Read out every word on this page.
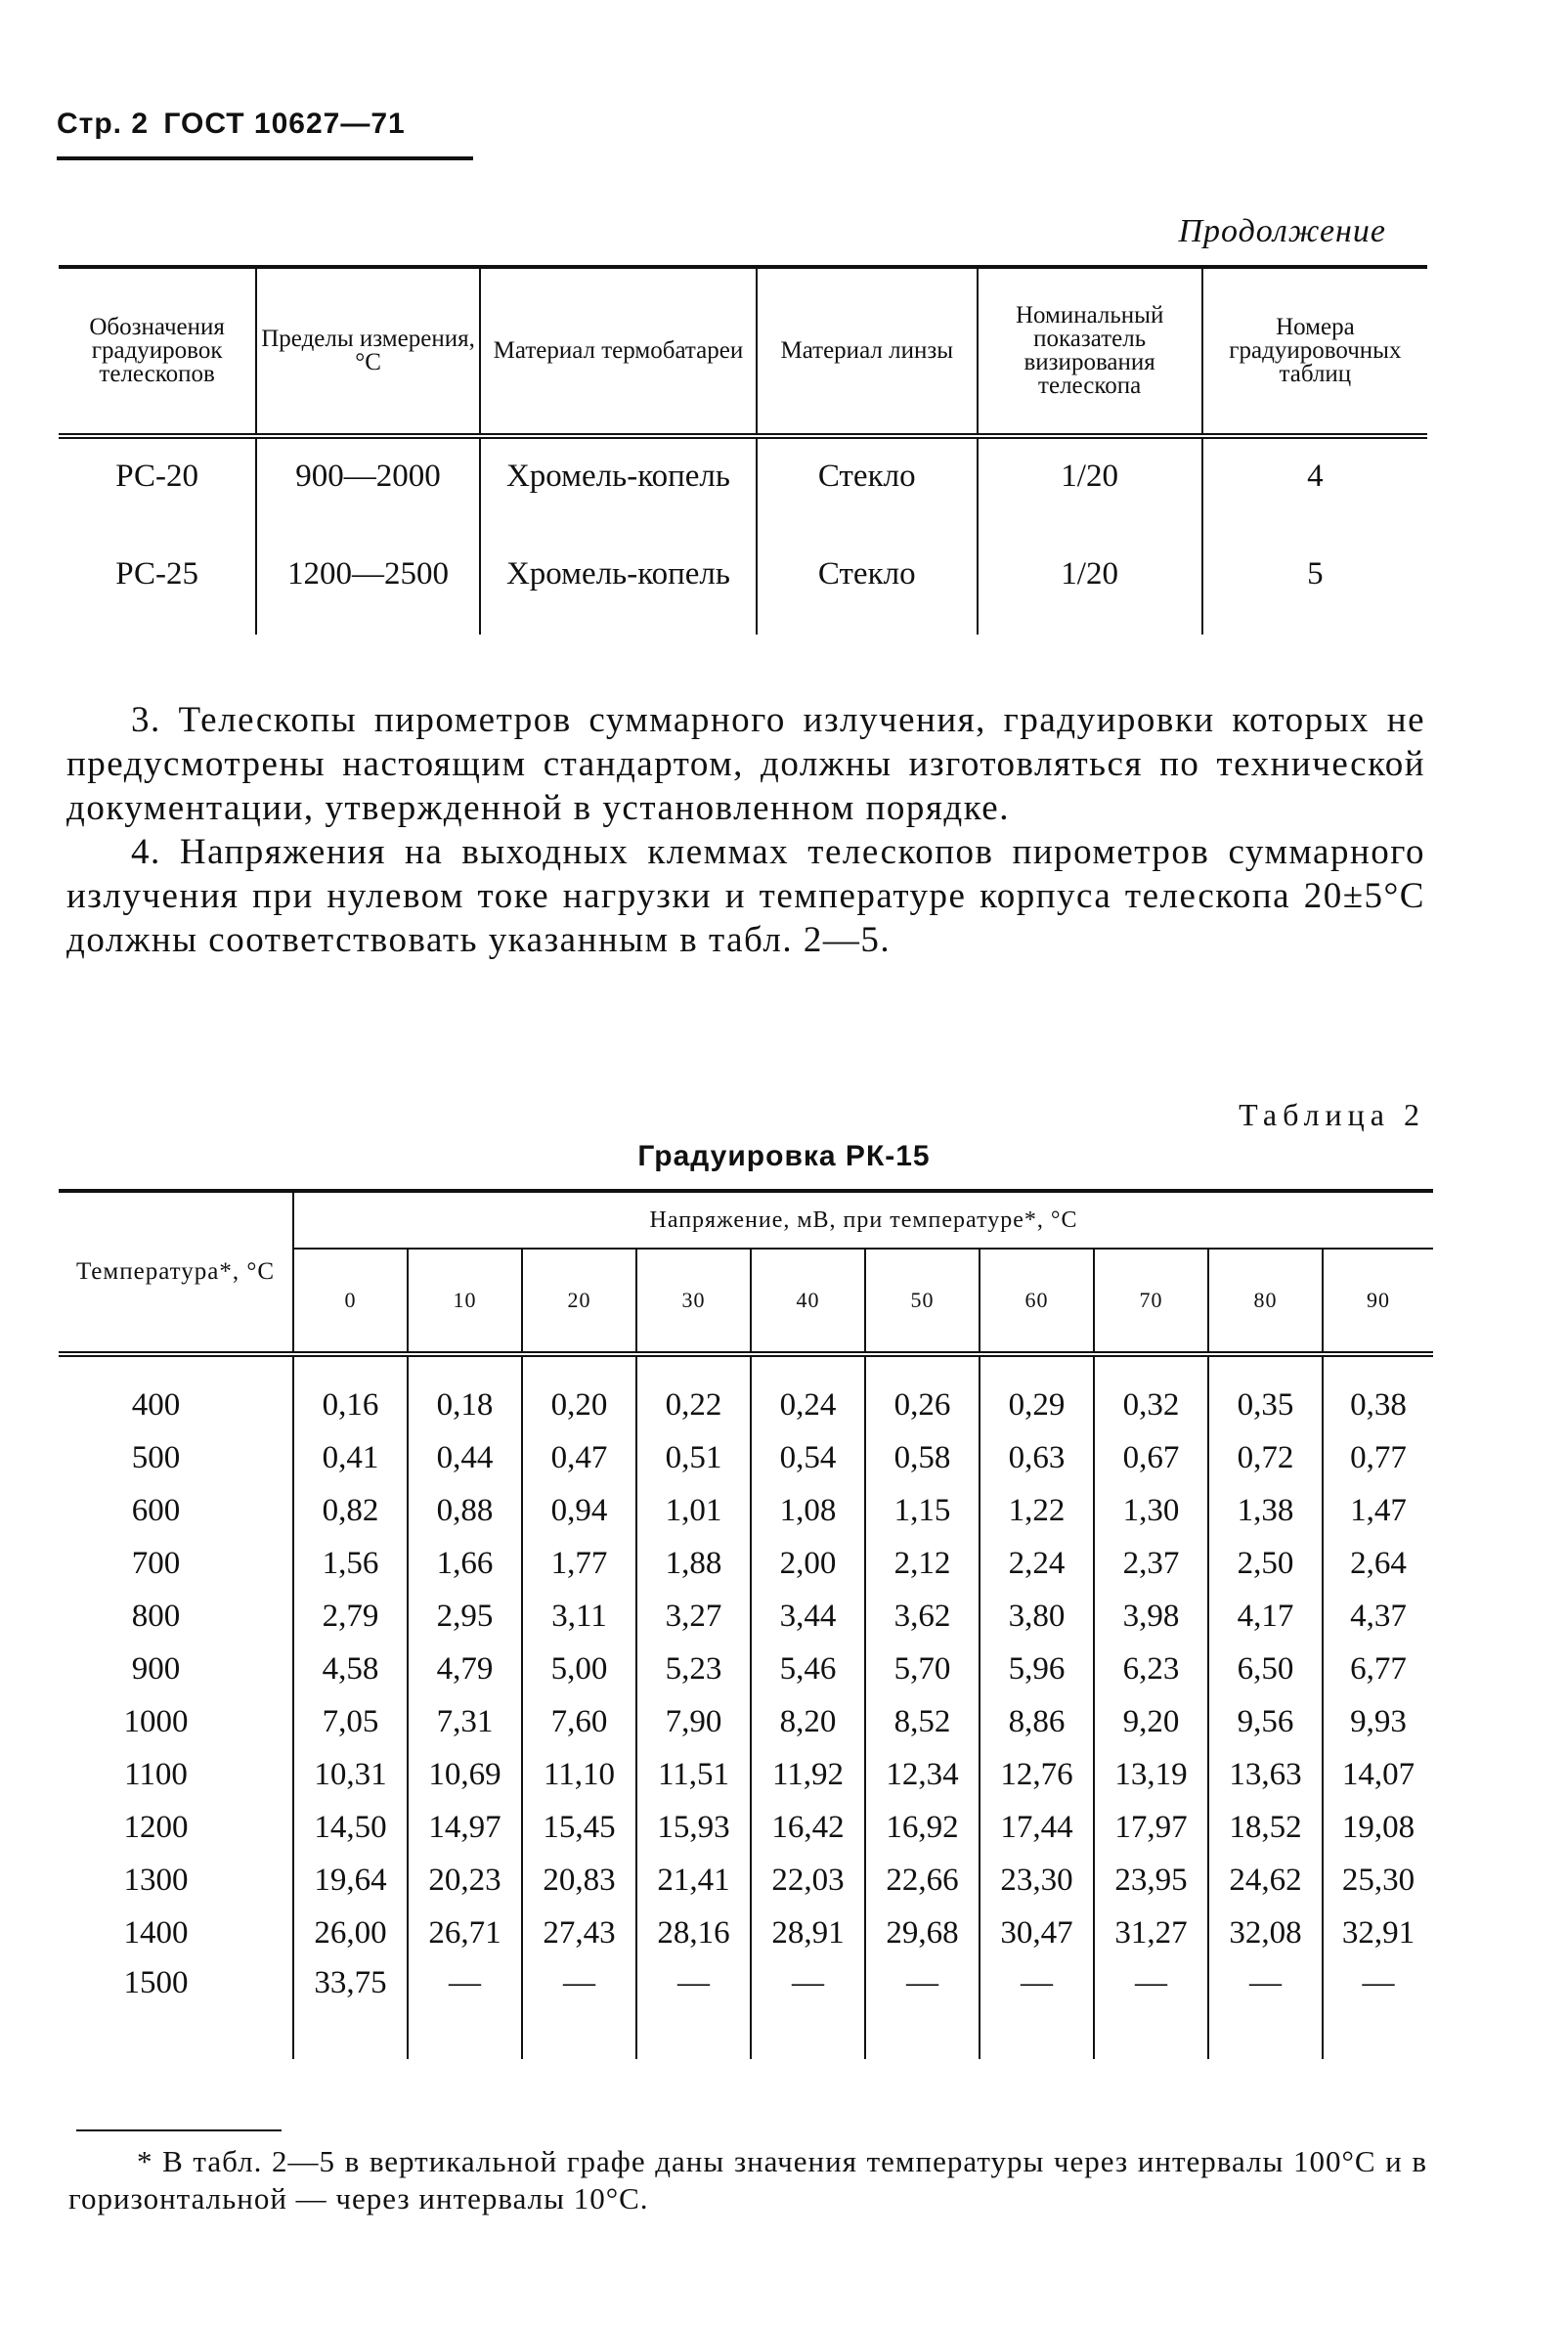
Стр. 2 ГОСТ 10627—71
Продолжение
Обозначения градуировок телескопов	Пределы измерения, °С	Материал термобатареи	Материал линзы	Номинальный показатель визирования телескопа	Номера градуировочных таблиц
РС-20	900—2000	Хромель-копель	Стекло	1/20	4
РС-25	1200—2500	Хромель-копель	Стекло	1/20	5

3. Телескопы пирометров суммарного излучения, градуировки которых не предусмотрены настоящим стандартом, должны изготовляться по технической документации, утвержденной в установленном порядке.

4. Напряжения на выходных клеммах телескопов пирометров суммарного излучения при нулевом токе нагрузки и температуре корпуса телескопа 20±5°С должны соответствовать указанным в табл. 2—5.

Таблица 2
Градуировка РК-15
Температура*, °С	Напряжение, мВ, при температуре*, °С									
	0	10	20	30	40	50	60	70	80	90
400	0,16	0,18	0,20	0,22	0,24	0,26	0,29	0,32	0,35	0,38
500	0,41	0,44	0,47	0,51	0,54	0,58	0,63	0,67	0,72	0,77
600	0,82	0,88	0,94	1,01	1,08	1,15	1,22	1,30	1,38	1,47
700	1,56	1,66	1,77	1,88	2,00	2,12	2,24	2,37	2,50	2,64
800	2,79	2,95	3,11	3,27	3,44	3,62	3,80	3,98	4,17	4,37
900	4,58	4,79	5,00	5,23	5,46	5,70	5,96	6,23	6,50	6,77
1000	7,05	7,31	7,60	7,90	8,20	8,52	8,86	9,20	9,56	9,93
1100	10,31	10,69	11,10	11,51	11,92	12,34	12,76	13,19	13,63	14,07
1200	14,50	14,97	15,45	15,93	16,42	16,92	17,44	17,97	18,52	19,08
1300	19,64	20,23	20,83	21,41	22,03	22,66	23,30	23,95	24,62	25,30
1400	26,00	26,71	27,43	28,16	28,91	29,68	30,47	31,27	32,08	32,91
1500	33,75	—	—	—	—	—	—	—	—	—

* В табл. 2—5 в вертикальной графе даны значения температуры через интервалы 100°С и в горизонтальной — через интервалы 10°С.
